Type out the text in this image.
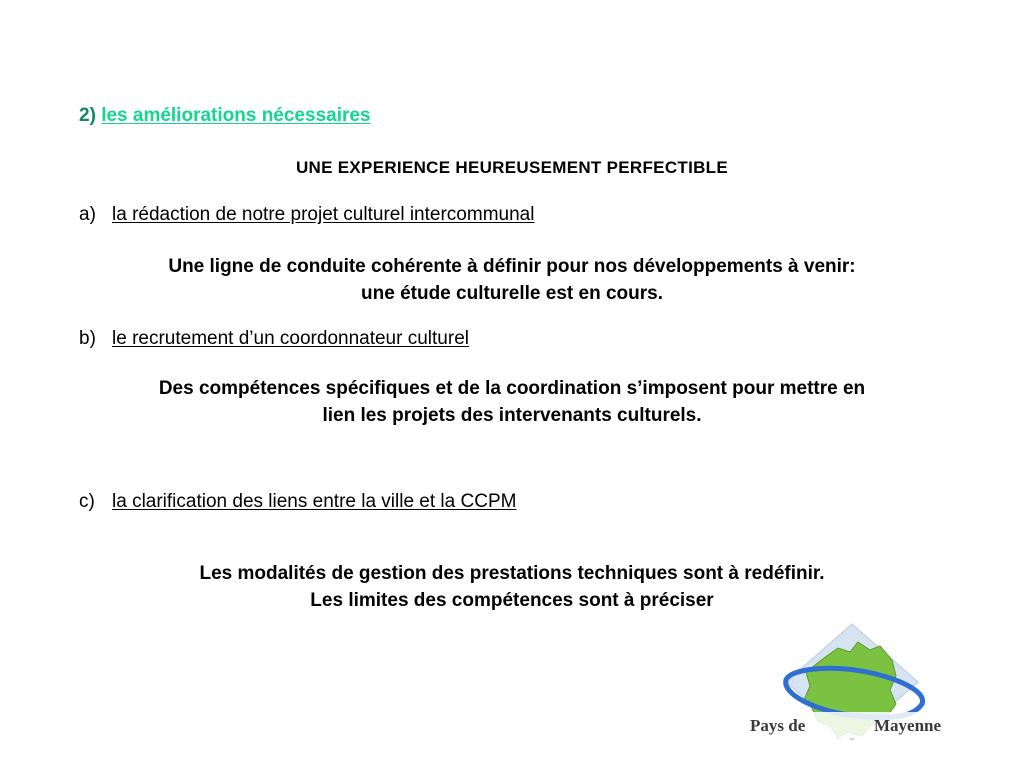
2) les améliorations nécessaires
UNE EXPERIENCE HEUREUSEMENT PERFECTIBLE
a) la rédaction de notre projet culturel intercommunal
Une ligne de conduite cohérente à définir pour nos développements à venir:
une étude culturelle est en cours.
b) le recrutement d’un coordonnateur culturel
Des compétences spécifiques et de la coordination s’imposent pour mettre en
lien les projets des intervenants culturels.
c) la clarification des liens entre la ville et la CCPM
Les modalités de gestion des prestations techniques sont à redéfinir.
Les limites des compétences sont à préciser
Pays de	Mayenne
